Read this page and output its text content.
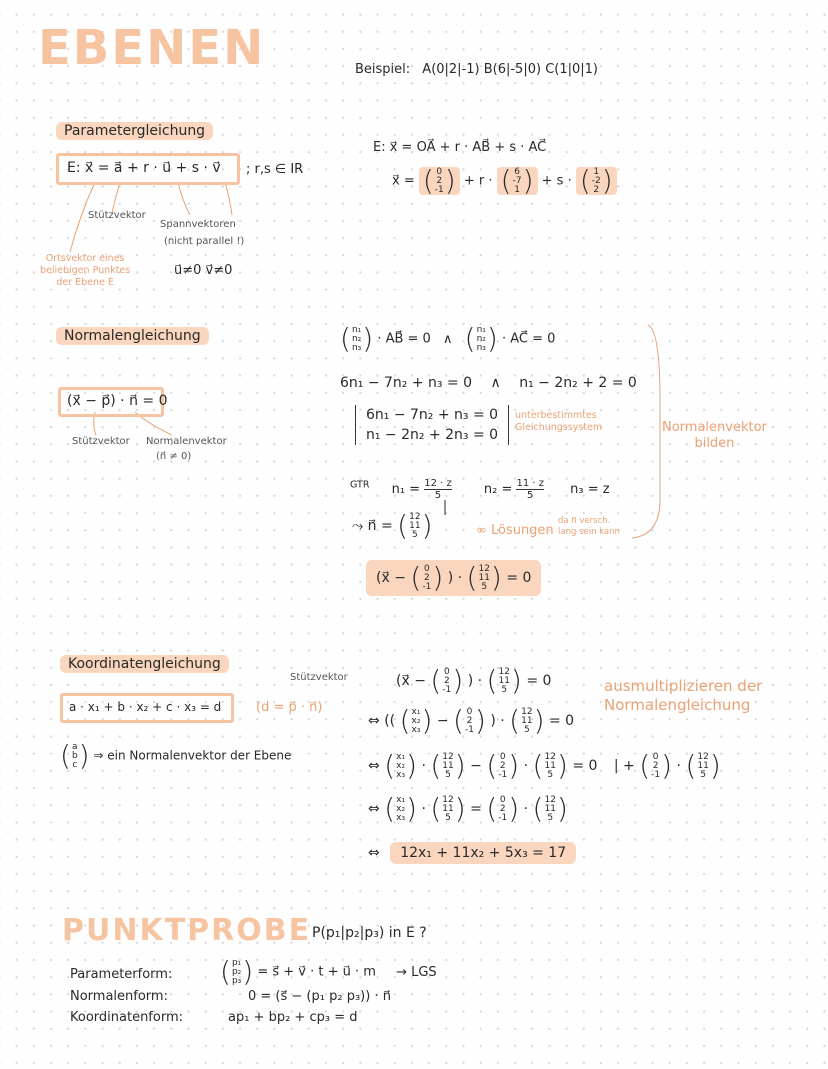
EBENEN	Beispiel: A(0|2|-1) B(6|-5|0) C(1|0|1)
Parametergleichung
E: x⃗ = a⃗ + r · u⃗ + s · v⃗ ; r,s ∈ IR
Stützvektor
Spannvektoren
(nicht parallel !)
Ortsvektor eines
beliebigen Punktes
der Ebene E
u⃗≠0 v⃗≠0
E: x⃗ = OA⃗ + r · AB⃗ + s · AC⃗
x⃗ = ( 0
2
-1 ) + r · ( 6
-7
1 ) + s · ( 1
-2
2 )
Normalengleichung
(x⃗ − p⃗) · n⃗ = 0
Stützvektor Normalenvektor
(n⃗ ≠ 0)
( n₁
n₂
n₃ ) · AB⃗ = 0 ∧ ( n₁
n₂
n₃ ) · AC⃗ = 0
6n₁ − 7n₂ + n₃ = 0 ∧ n₁ − 2n₂ + 2 = 0
6n₁ − 7n₂ + n₃ = 0
n₁ − 2n₂ + 2n₃ = 0
unterbestimmtes
Gleichungssystem
$^{GTR}$ $n_1 = \frac{12 \cdot z}{5} n_2 = \frac{11 \cdot z}{5} n_3 = z$
⤳ n⃗ = ( 12
11
5 )	∞ Lösungen
da n⃗ versch.
lang sein kann
Normalenvektor
bilden
(x⃗ − ( 0
2
-1 ) ) · ( 12
11
5 ) = 0
Koordinatengleichung
a · x₁ + b · x₂ + c · x₃ = d
Stützvektor
(d = p⃗ · n⃗)
( a
b
c ) ⇒ ein Normalenvektor der Ebene
ausmultiplizieren der
Normalengleichung
(x⃗ − ( 0
2
-1 ) ) · ( 12
11
5 ) = 0
⇔ (( ( x₁
x₂
x₃ ) − ( 0
2
-1 ) ) · ( 12
11
5 ) = 0
⇔ ( x₁
x₂
x₃ ) · ( 12
11
5 ) − ( 0
2
-1 ) · ( 12
11
5 ) = 0 | + ( 0
2
-1 ) · ( 12
11
5 )
⇔ ( x₁
x₂
x₃ ) · ( 12
11
5 ) = ( 0
2
-1 ) · ( 12
11
5 )
⇔ 12x₁ + 11x₂ + 5x₃ = 17
PUNKTPROBE P(p₁|p₂|p₃) in E ?
Parameterform: ( p₁
p₂
p₃ ) = s⃗ + v⃗ · t + u⃗ · m → LGS
Normalenform:	0 = (s⃗ − (p₁ p₂ p₃)) · n⃗
Koordinatenform:	ap₁ + bp₂ + cp₃ = d
